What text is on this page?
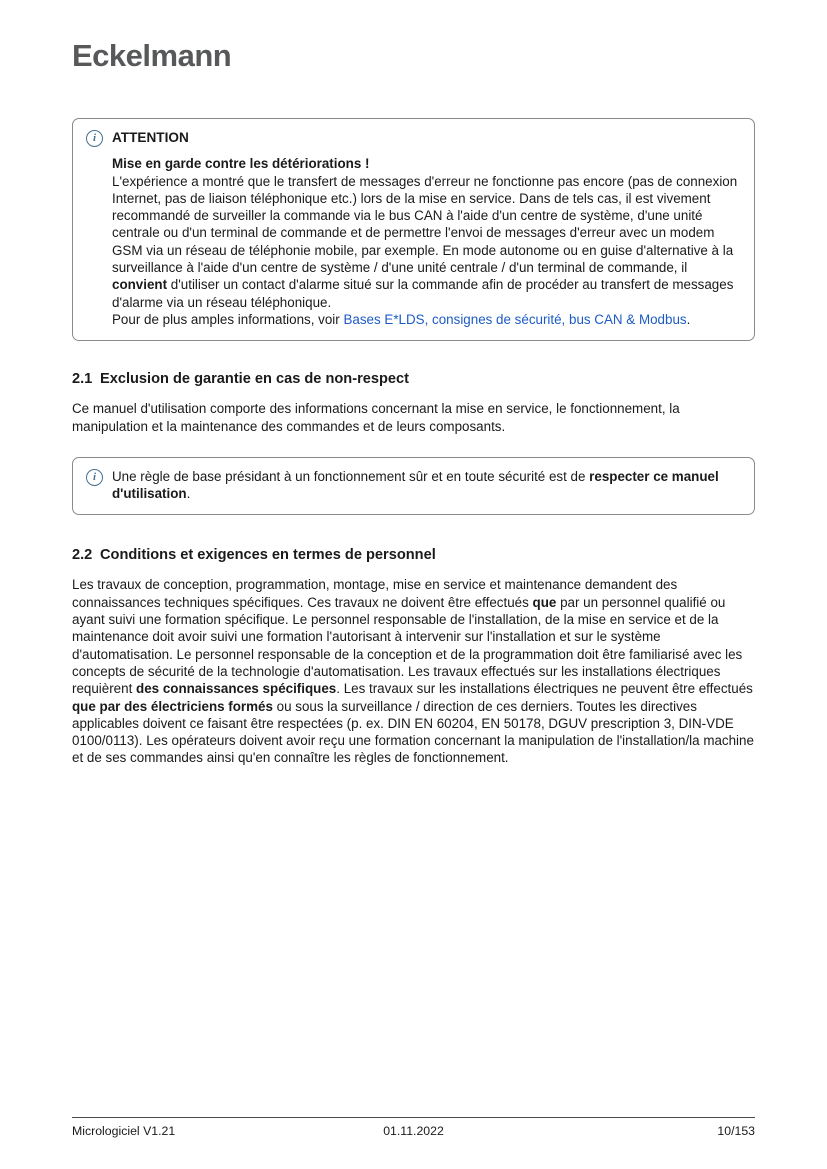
Eckelmann
i	ATTENTION
Mise en garde contre les détériorations !

L'expérience a montré que le transfert de messages d'erreur ne fonctionne pas encore (pas de connexion Internet, pas de liaison téléphonique etc.) lors de la mise en service. Dans de tels cas, il est vivement recommandé de surveiller la commande via le bus CAN à l'aide d'un centre de système, d'une unité centrale ou d'un terminal de commande et de permettre l'envoi de messages d'erreur avec un modem GSM via un réseau de téléphonie mobile, par exemple. En mode autonome ou en guise d'alternative à la surveillance à l'aide d'un centre de système / d'une unité centrale / d'un terminal de commande, il convient d'utiliser un contact d'alarme situé sur la commande afin de procéder au transfert de messages d'alarme via un réseau téléphonique.

Pour de plus amples informations, voir Bases E*LDS, consignes de sécurité, bus CAN & Modbus.

2.1 Exclusion de garantie en cas de non-respect

Ce manuel d'utilisation comporte des informations concernant la mise en service, le fonctionnement, la manipulation et la maintenance des commandes et de leurs composants.

i	Une règle de base présidant à un fonctionnement sûr et en toute sécurité est de respecter ce manuel d'utilisation.

2.2 Conditions et exigences en termes de personnel

Les travaux de conception, programmation, montage, mise en service et maintenance demandent des connaissances techniques spécifiques. Ces travaux ne doivent être effectués que par un personnel qualifié ou ayant suivi une formation spécifique. Le personnel responsable de l'installation, de la mise en service et de la maintenance doit avoir suivi une formation l'autorisant à intervenir sur l'installation et sur le système d'automatisation. Le personnel responsable de la conception et de la programmation doit être familiarisé avec les concepts de sécurité de la technologie d'automatisation. Les travaux effectués sur les installations électriques requièrent des connaissances spécifiques. Les travaux sur les installations électriques ne peuvent être effectués que par des électriciens formés ou sous la surveillance / direction de ces derniers. Toutes les directives applicables doivent ce faisant être respectées (p. ex. DIN EN 60204, EN 50178, DGUV prescription 3, DIN-VDE 0100/0113). Les opérateurs doivent avoir reçu une formation concernant la manipulation de l'installation/la machine et de ses commandes ainsi qu'en connaître les règles de fonctionnement.

Micrologiciel V1.21	01.11.2022	10/153
